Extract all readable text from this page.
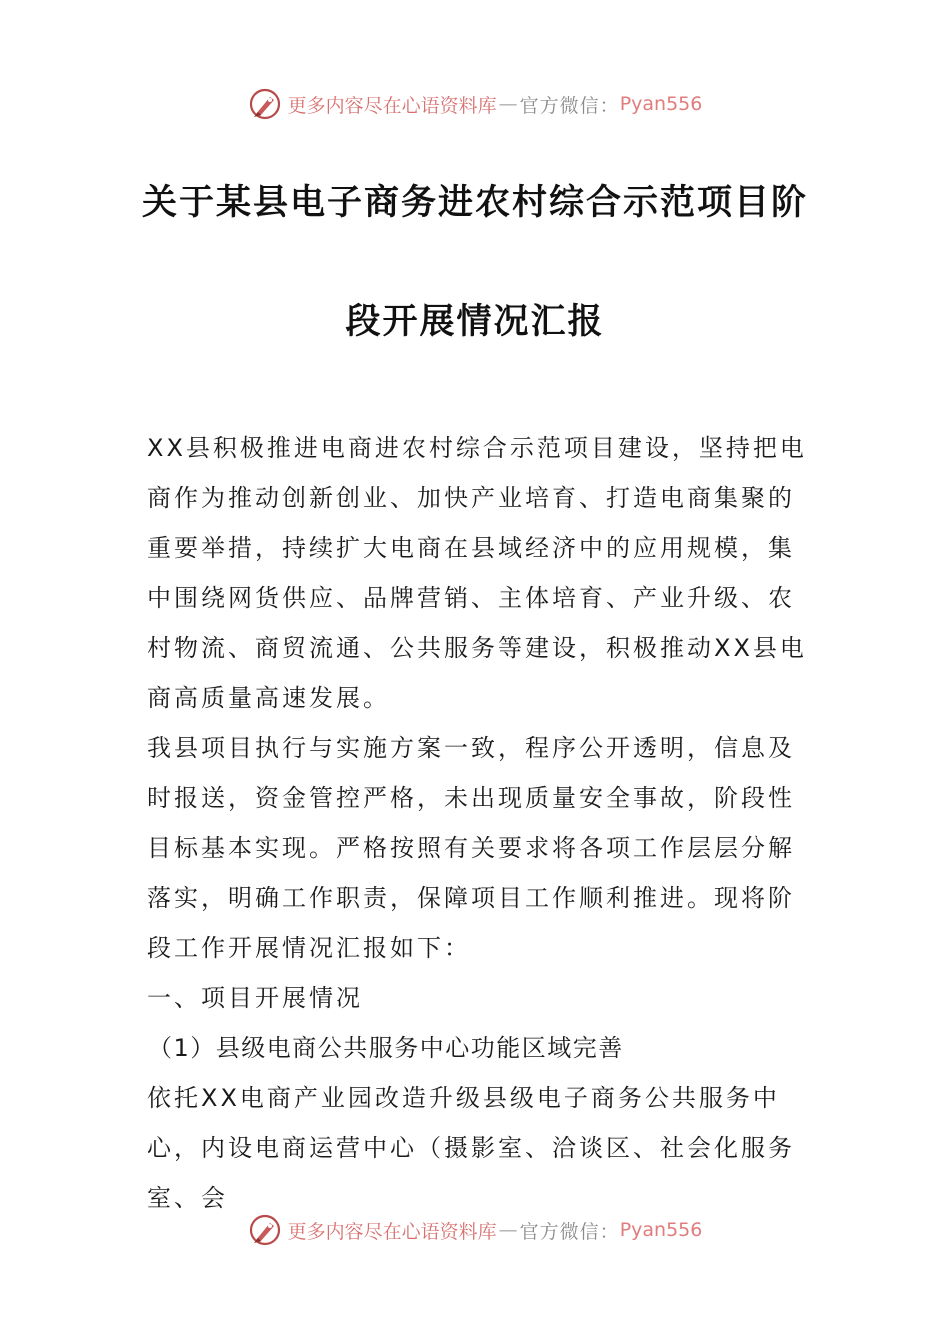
更多内容尽在心语资料库 — 官方微信： Pyan556
关于某县电子商务进农村综合示范项目阶
段开展情况汇报
XX县积极推进电商进农村综合示范项目建设，坚持把电商作为推动创新创业、加快产业培育、打造电商集聚的重要举措，持续扩大电商在县域经济中的应用规模，集中围绕网货供应、品牌营销、主体培育、产业升级、农村物流、商贸流通、公共服务等建设，积极推动XX县电商高质量高速发展。
我县项目执行与实施方案一致，程序公开透明，信息及时报送，资金管控严格，未出现质量安全事故，阶段性目标基本实现。严格按照有关要求将各项工作层层分解落实，明确工作职责，保障项目工作顺利推进。现将阶段工作开展情况汇报如下：
一、项目开展情况
（1）县级电商公共服务中心功能区域完善
依托XX电商产业园改造升级县级电子商务公共服务中心，内设电商运营中心（摄影室、洽谈区、社会化服务室、会
更多内容尽在心语资料库 — 官方微信： Pyan556
